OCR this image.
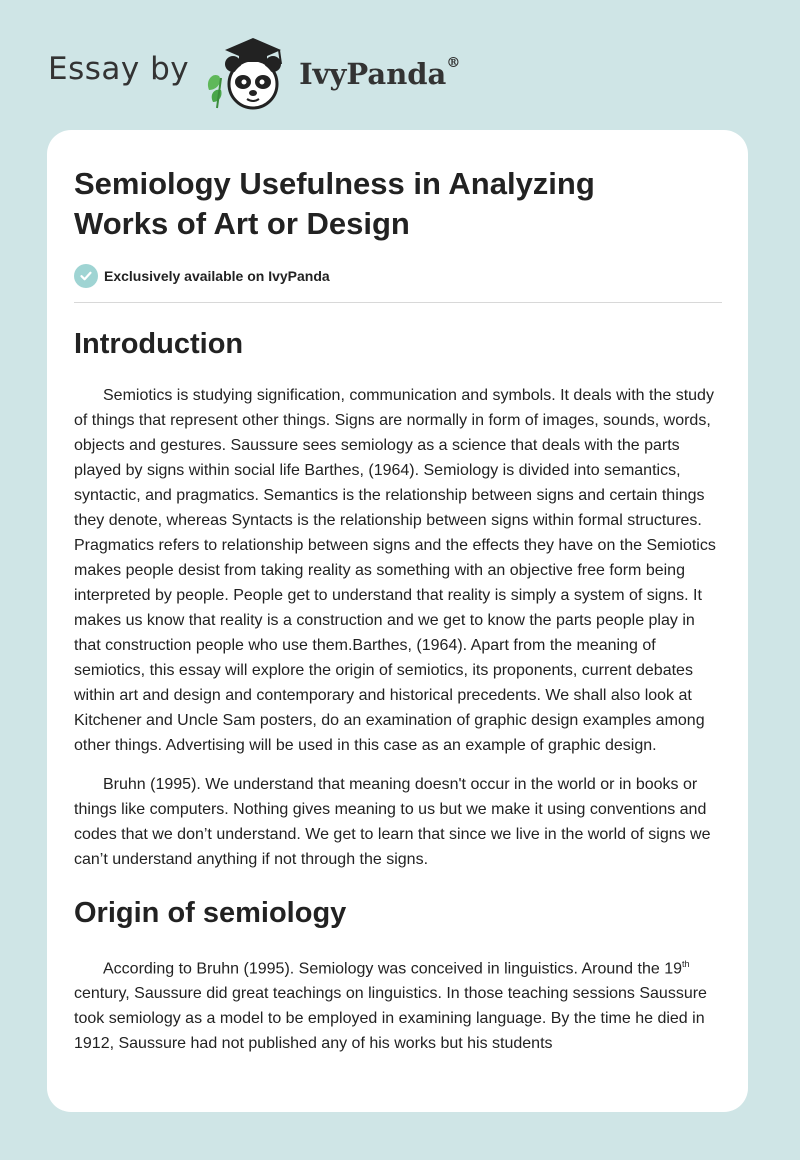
Essay by	IvyPanda®
Semiology Usefulness in Analyzing Works of Art or Design
Exclusively available on IvyPanda
Introduction

Semiotics is studying signification, communication and symbols. It deals with the study of things that represent other things. Signs are normally in form of images, sounds, words, objects and gestures. Saussure sees semiology as a science that deals with the parts played by signs within social life Barthes, (1964). Semiology is divided into semantics, syntactic, and pragmatics. Semantics is the relationship between signs and certain things they denote, whereas Syntacts is the relationship between signs within formal structures. Pragmatics refers to relationship between signs and the effects they have on the Semiotics makes people desist from taking reality as something with an objective free form being interpreted by people. People get to understand that reality is simply a system of signs. It makes us know that reality is a construction and we get to know the parts people play in that construction people who use them.Barthes, (1964). Apart from the meaning of semiotics, this essay will explore the origin of semiotics, its proponents, current debates within art and design and contemporary and historical precedents. We shall also look at Kitchener and Uncle Sam posters, do an examination of graphic design examples among other things. Advertising will be used in this case as an example of graphic design.

Bruhn (1995). We understand that meaning doesn't occur in the world or in books or things like computers. Nothing gives meaning to us but we make it using conventions and codes that we don’t understand. We get to learn that since we live in the world of signs we can’t understand anything if not through the signs.

Origin of semiology

According to Bruhn (1995). Semiology was conceived in linguistics. Around the 19th century, Saussure did great teachings on linguistics. In those teaching sessions Saussure took semiology as a model to be employed in examining language. By the time he died in 1912, Saussure had not published any of his works but his students
